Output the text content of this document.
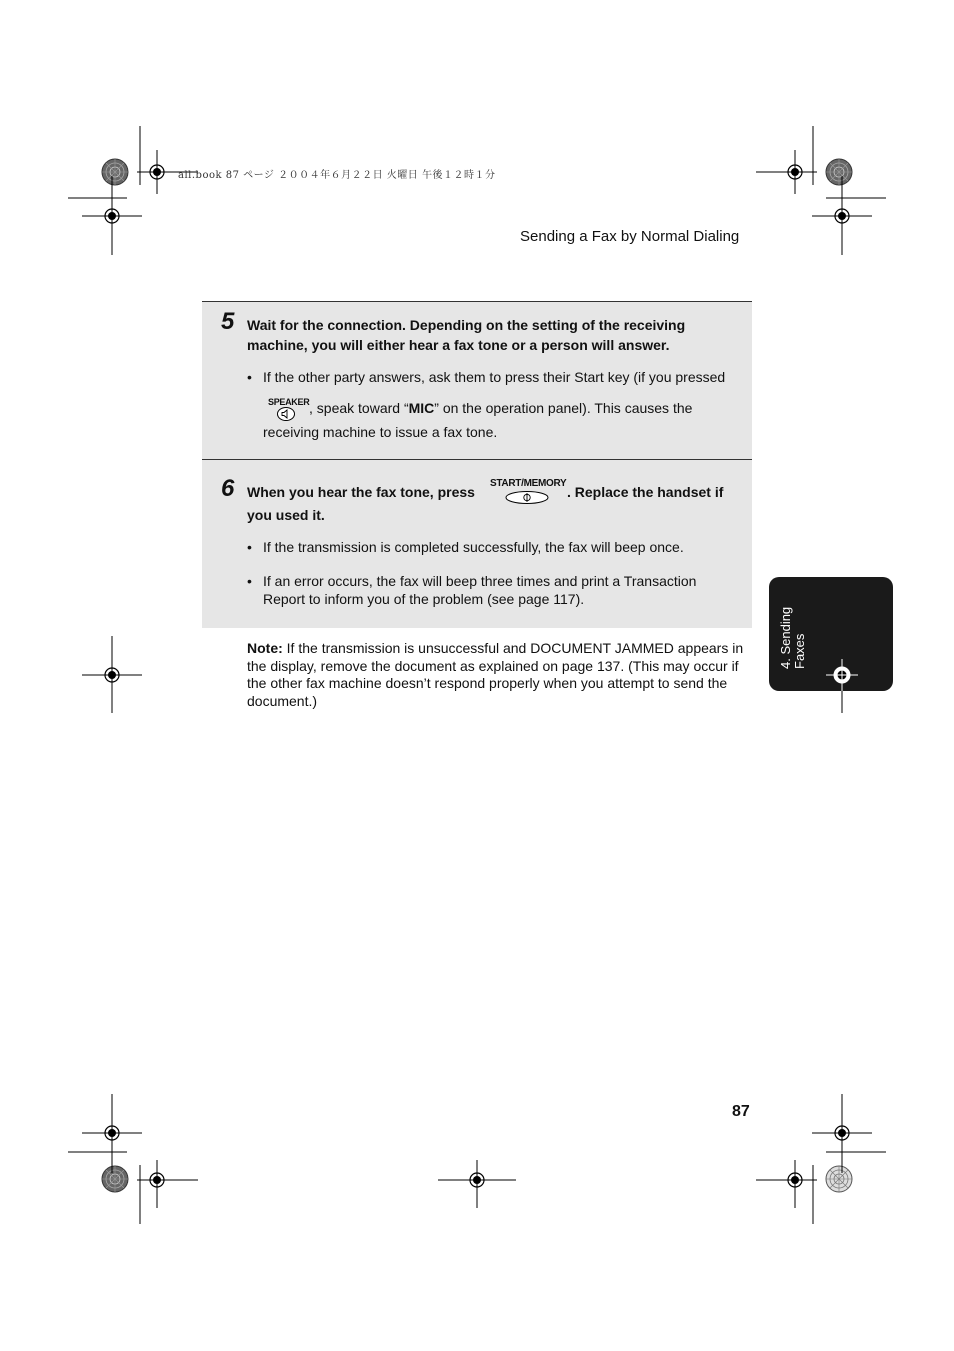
all.book 87 ページ ２００４年６月２２日 火曜日 午後１２時１分
Sending a Fax by Normal Dialing
5 Wait for the connection. Depending on the setting of the receiving
machine, you will either hear a fax tone or a person will answer.
• If the other party answers, ask them to press their Start key (if you pressed
SPEAKER , speak toward “MIC” on the operation panel). This causes the
receiving machine to issue a fax tone.
6 When you hear the fax tone, press
START/MEMORY
. Replace the handset if
you used it.
• If the transmission is completed successfully, the fax will beep once.
• If an error occurs, the fax will beep three times and print a Transaction
Report to inform you of the problem (see page 117).
Note: If the transmission is unsuccessful and DOCUMENT JAMMED appears in the display, remove the document as explained on page 137. (This may occur if the other fax machine doesn’t respond properly when you attempt to send the document.)
4. Sending Faxes
87
